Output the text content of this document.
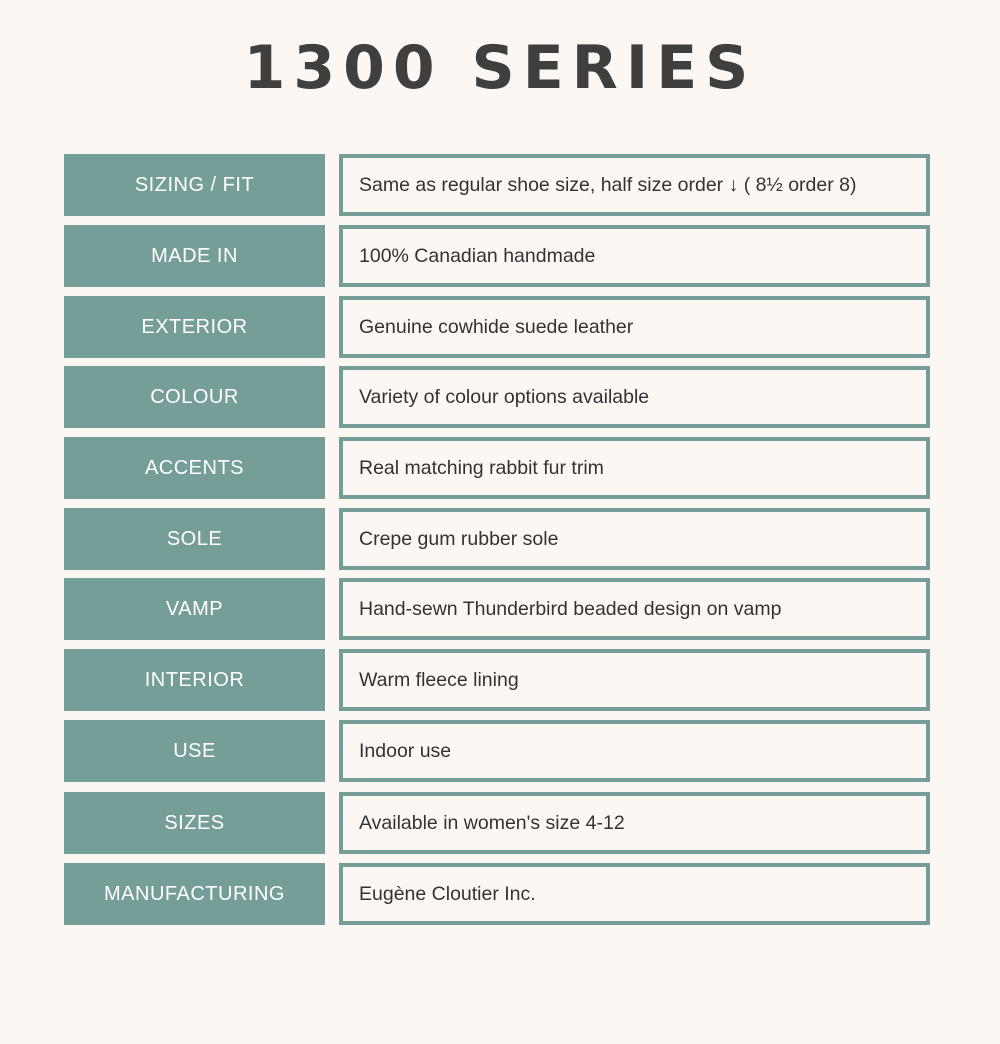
1300 SERIES
SIZING / FIT	Same as regular shoe size, half size order ↓ ( 8½ order 8)
MADE IN	100% Canadian handmade
EXTERIOR	Genuine cowhide suede leather
COLOUR	Variety of colour options available
ACCENTS	Real matching rabbit fur trim
SOLE	Crepe gum rubber sole
VAMP	Hand-sewn Thunderbird beaded design on vamp
INTERIOR	Warm fleece lining
USE	Indoor use
SIZES	Available in women's size 4-12
MANUFACTURING	Eugène Cloutier Inc.
